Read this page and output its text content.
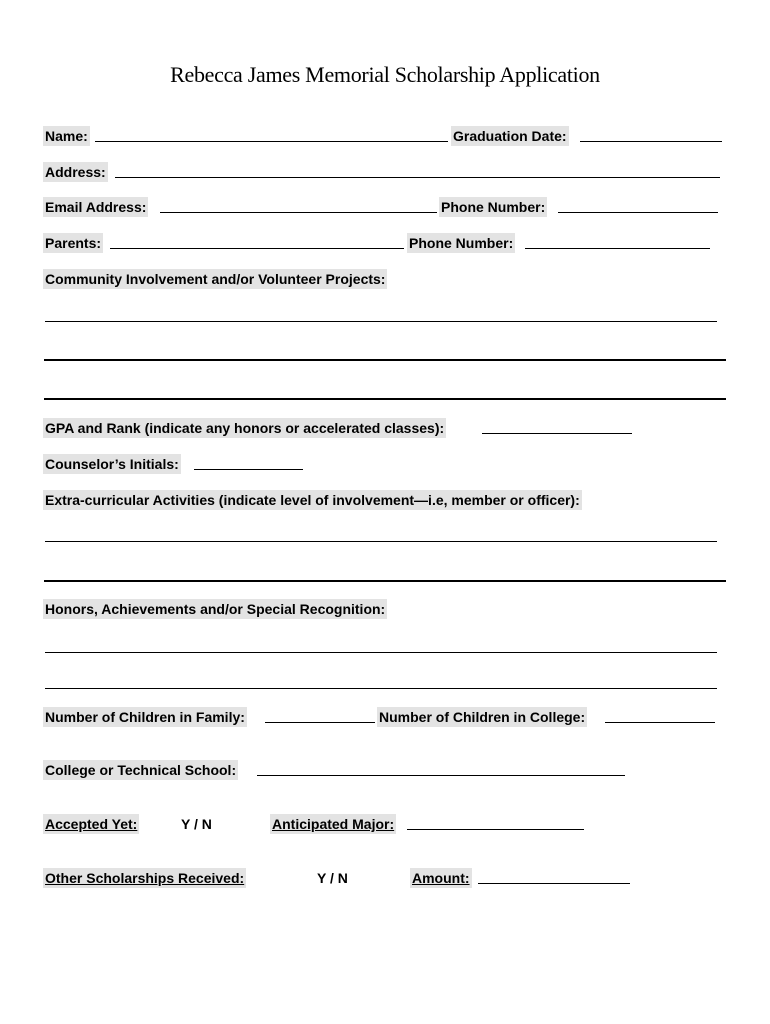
Rebecca James Memorial Scholarship Application
Name:	Graduation Date:
Address:
Email Address:	Phone Number:
Parents:	Phone Number:
Community Involvement and/or Volunteer Projects:
GPA and Rank (indicate any honors or accelerated classes):
Counselor’s Initials:
Extra-curricular Activities (indicate level of involvement—i.e, member or officer):
Honors, Achievements and/or Special Recognition:
Number of Children in Family:	Number of Children in College:
College or Technical School:
Accepted Yet:	Y / N	Anticipated Major:
Other Scholarships Received:	Y / N	Amount:
